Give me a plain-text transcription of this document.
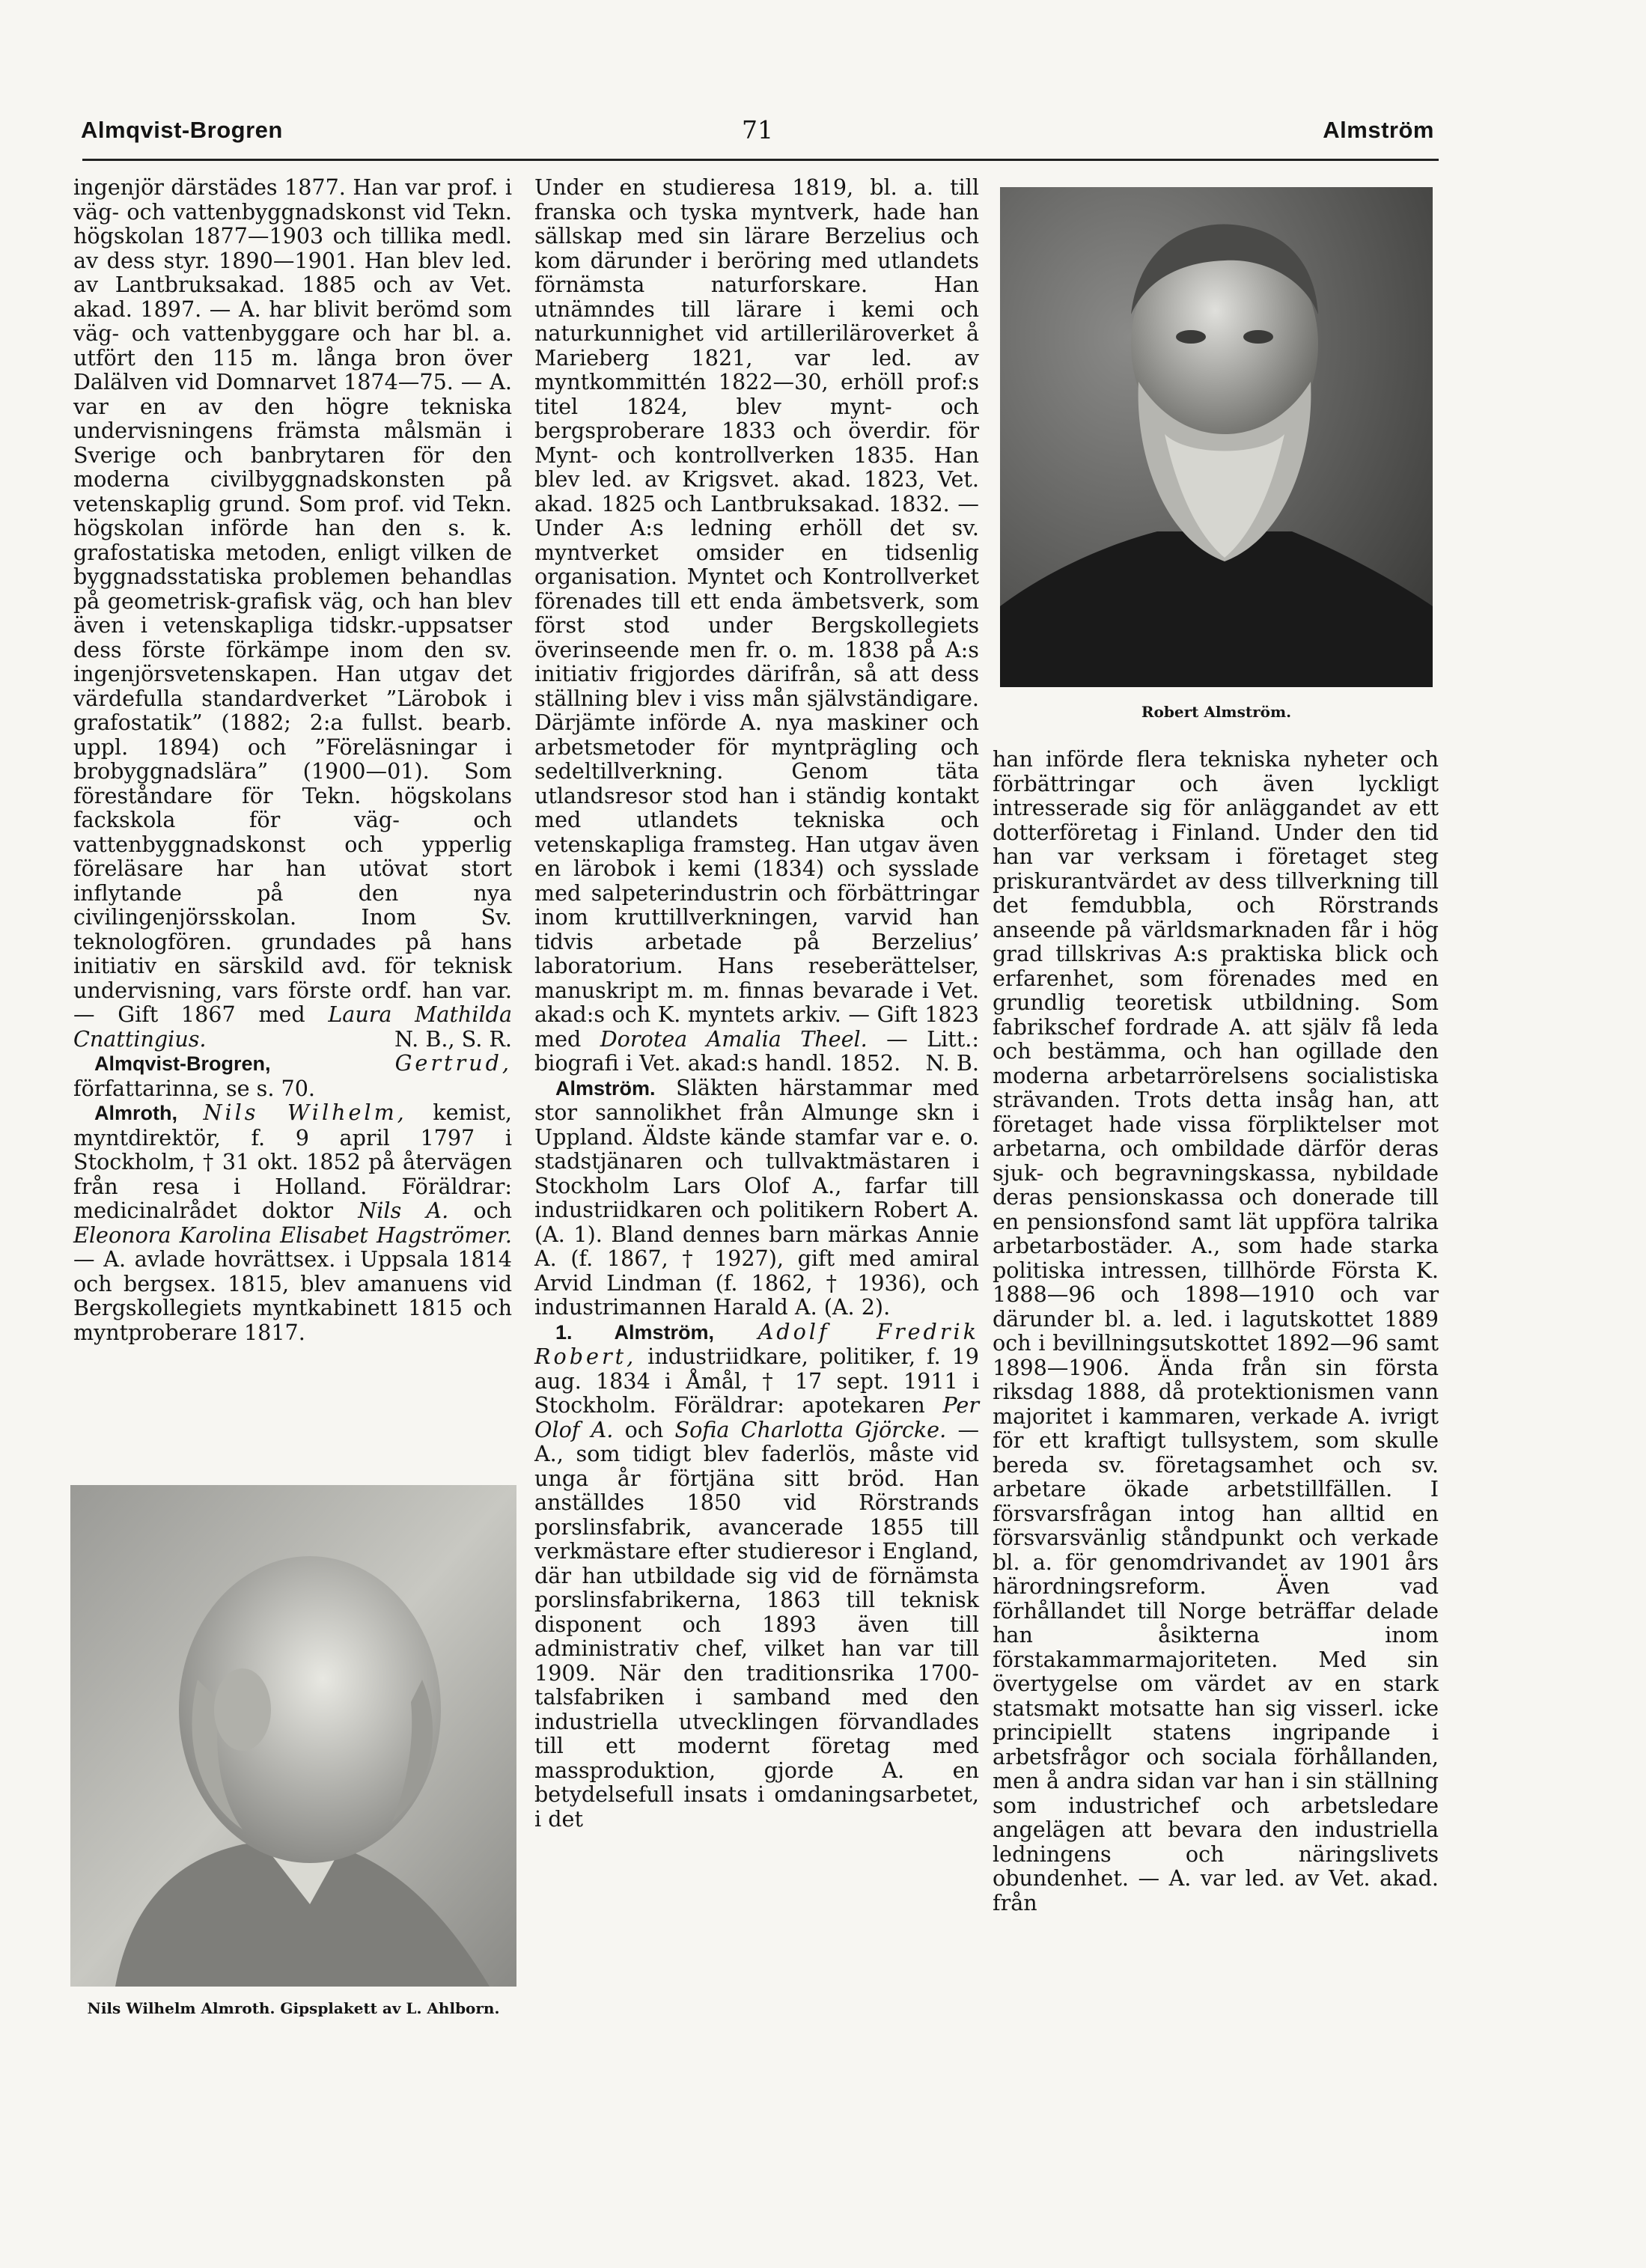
Almqvist-Brogren	71	Almström

ingenjör därstädes 1877. Han var prof. i väg- och vattenbyggnadskonst vid Tekn. högskolan 1877—1903 och tillika medl. av dess styr. 1890—1901. Han blev led. av Lantbruksakad. 1885 och av Vet. akad. 1897. — A. har blivit berömd som väg- och vattenbyggare och har bl. a. utfört den 115 m. långa bron över Dalälven vid Domnarvet 1874—75. — A. var en av den högre tekniska undervisningens främsta målsmän i Sverige och banbrytaren för den moderna civilbyggnadskonsten på vetenskaplig grund. Som prof. vid Tekn. högskolan införde han den s. k. grafostatiska metoden, enligt vilken de byggnadsstatiska problemen behandlas på geometrisk-grafisk väg, och han blev även i vetenskapliga tidskr.-uppsatser dess förste förkämpe inom den sv. ingenjörsvetenskapen. Han utgav det värdefulla standardverket ”Lärobok i grafostatik” (1882; 2:a fullst. bearb. uppl. 1894) och ”Föreläsningar i brobyggnadslära” (1900—01). Som föreståndare för Tekn. högskolans fackskola för väg- och vattenbyggnadskonst och ypperlig föreläsare har han utövat stort inflytande på den nya civilingenjörsskolan. Inom Sv. teknologfören. grundades på hans initiativ en särskild avd. för teknisk undervisning, vars förste ordf. han var. — Gift 1867 med Laura Mathilda Cnattingius.	N. B., S. R.

Almqvist-Brogren,	Gertrud, författarinna, se s. 70.

Almroth, Nils Wilhelm, kemist, myntdirektör, f. 9 april 1797 i Stockholm, † 31 okt. 1852 på återvägen från resa i Holland. Föräldrar: medicinalrådet doktor Nils A. och Eleonora Karolina Elisabet Hagströmer. — A. avlade hovrättsex. i Uppsala 1814 och bergsex. 1815, blev amanuens vid Bergskollegiets myntkabinett 1815 och myntproberare 1817.

Nils Wilhelm Almroth. Gipsplakett av L. Ahlborn.

Under en studieresa 1819, bl. a. till franska och tyska myntverk, hade han sällskap med sin lärare Berzelius och kom därunder i beröring med utlandets förnämsta naturforskare. Han utnämndes till lärare i kemi och naturkunnighet vid artilleriläroverket å Marieberg 1821, var led. av myntkommittén 1822—30, erhöll prof:s titel 1824, blev mynt- och bergsproberare 1833 och överdir. för Mynt- och kontrollverken 1835. Han blev led. av Krigsvet. akad. 1823, Vet. akad. 1825 och Lantbruksakad. 1832. — Under A:s ledning erhöll det sv. myntverket omsider en tidsenlig organisation. Myntet och Kontrollverket förenades till ett enda ämbetsverk, som först stod under Bergskollegiets överinseende men fr. o. m. 1838 på A:s initiativ frigjordes därifrån, så att dess ställning blev i viss mån självständigare. Därjämte införde A. nya maskiner och arbetsmetoder för myntprägling och sedeltillverkning. Genom täta utlandsresor stod han i ständig kontakt med utlandets tekniska och vetenskapliga framsteg. Han utgav även en lärobok i kemi (1834) och sysslade med salpeterindustrin och förbättringar inom kruttillverkningen, varvid han tidvis arbetade på Berzelius’ laboratorium. Hans reseberättelser, manuskript m. m. finnas bevarade i Vet. akad:s och K. myntets arkiv. — Gift 1823 med Dorotea Amalia Theel. — Litt.: biografi i Vet. akad:s handl. 1852. N. B.

Almström. Släkten härstammar med stor sannolikhet från Almunge skn i Uppland. Äldste kände stamfar var e. o. stadstjänaren och tullvaktmästaren i Stockholm Lars Olof A., farfar till industriidkaren och politikern Robert A. (A. 1). Bland dennes barn märkas Annie A. (f. 1867, † 1927), gift med amiral Arvid Lindman (f. 1862, † 1936), och industrimannen Harald A. (A. 2).

1. Almström, Adolf Fredrik Robert, industriidkare, politiker, f. 19 aug. 1834 i Åmål, † 17 sept. 1911 i Stockholm. Föräldrar: apotekaren Per Olof A. och Sofia Charlotta Gjörcke. — A., som tidigt blev faderlös, måste vid unga år förtjäna sitt bröd. Han anställdes 1850 vid Rörstrands porslinsfabrik, avancerade 1855 till verkmästare efter studieresor i England, där han utbildade sig vid de förnämsta porslinsfabrikerna, 1863 till teknisk disponent och 1893 även till administrativ chef, vilket han var till 1909. När den traditionsrika 1700-talsfabriken i samband med den industriella utvecklingen förvandlades till ett modernt företag med massproduktion, gjorde A. en betydelsefull insats i omdaningsarbetet, i det

Robert Almström.

han införde flera tekniska nyheter och förbättringar och även lyckligt intresserade sig för anläggandet av ett dotterföretag i Finland. Under den tid han var verksam i företaget steg priskurantvärdet av dess tillverkning till det femdubbla, och Rörstrands anseende på världsmarknaden får i hög grad tillskrivas A:s praktiska blick och erfarenhet, som förenades med en grundlig teoretisk utbildning. Som fabrikschef fordrade A. att själv få leda och bestämma, och han ogillade den moderna arbetarrörelsens socialistiska strävanden. Trots detta insåg han, att företaget hade vissa förpliktelser mot arbetarna, och ombildade därför deras sjuk- och begravningskassa, nybildade deras pensionskassa och donerade till en pensionsfond samt lät uppföra talrika arbetarbostäder. A., som hade starka politiska intressen, tillhörde Första K. 1888—96 och 1898—1910 och var därunder bl. a. led. i lagutskottet 1889 och i bevillningsutskottet 1892—96 samt 1898—1906. Ända från sin första riksdag 1888, då protektionismen vann majoritet i kammaren, verkade A. ivrigt för ett kraftigt tullsystem, som skulle bereda sv. företagsamhet och sv. arbetare ökade arbetstillfällen. I försvarsfrågan intog han alltid en försvarsvänlig ståndpunkt och verkade bl. a. för genomdrivandet av 1901 års härordningsreform. Även vad förhållandet till Norge beträffar delade han åsikterna inom förstakammarmajoriteten. Med sin övertygelse om värdet av en stark statsmakt motsatte han sig visserl. icke principiellt statens ingripande i arbetsfrågor och sociala förhållanden, men å andra sidan var han i sin ställning som industrichef och arbetsledare angelägen att bevara den industriella ledningens och näringslivets obundenhet. — A. var led. av Vet. akad. från
